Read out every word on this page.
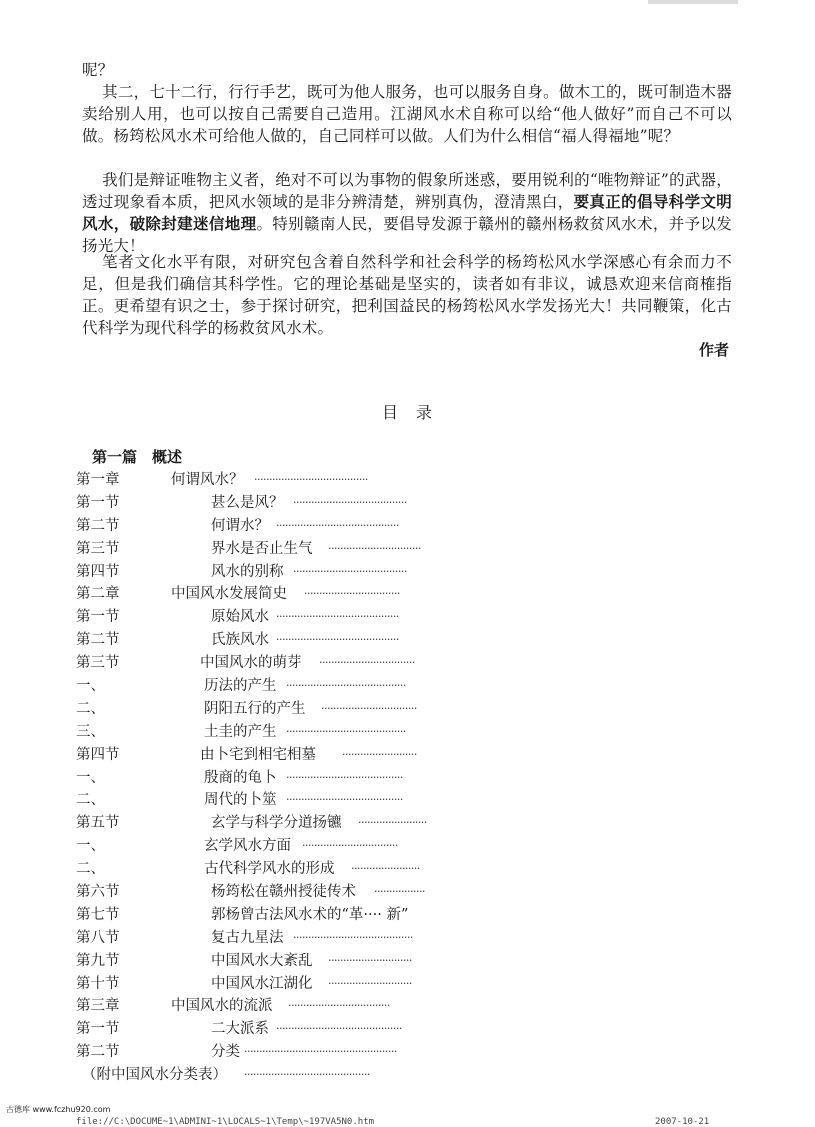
呢？

其二，七十二行，行行手艺，既可为他人服务，也可以服务自身。做木工的，既可制造木器卖给别人用，也可以按自己需要自己造用。江湖风水术自称可以给“他人做好”而自己不可以做。杨筠松风水术可给他人做的，自己同样可以做。人们为什么相信“福人得福地”呢？

我们是辩证唯物主义者，绝对不可以为事物的假象所迷惑，要用锐利的“唯物辩证”的武器，透过现象看本质，把风水领域的是非分辨清楚，辨别真伪，澄清黑白，要真正的倡导科学文明风水，破除封建迷信地理。特别赣南人民，要倡导发源于赣州的赣州杨救贫风水术，并予以发扬光大！

笔者文化水平有限，对研究包含着自然科学和社会科学的杨筠松风水学深感心有余而力不足，但是我们确信其科学性。它的理论基础是坚实的，读者如有非议，诚恳欢迎来信商榷指正。更希望有识之士，参于探讨研究，把利国益民的杨筠松风水学发扬光大！共同鞭策，化古代科学为现代科学的杨救贫风水术。

作者
目　录
第一篇　概述
第一章	何谓风水？ ······································
第一节	甚么是风？ ······································
第二节	何谓水？ ·········································
第三节	界水是否止生气 ·······························
第四节	风水的别称 ······································
第二章	中国风水发展简史 ································
第一节	原始风水 ·········································
第二节	氏族风水 ·········································
第三节	中国风水的萌芽 ································
一、	历法的产生 ········································
二、	阴阳五行的产生 ································
三、	土圭的产生 ········································
第四节	由卜宅到相宅相墓 ·························
一、	殷商的龟卜 ·······································
二、	周代的卜筮 ·······································
第五节	玄学与科学分道扬镳 ·······················
一、	玄学风水方面 ································
二、	古代科学风水的形成 ·······················
第六节	杨筠松在赣州授徒传术 ·················
第七节	郭杨曾古法风水术的“革···· 新”
第八节	复古九星法 ········································
第九节	中国风水大紊乱 ····························
第十节	中国风水江湖化 ····························
第三章	中国风水的流派 ··································
第一节	二大派系 ··········································
第二节	分类 ···················································
（附中国风水分类表） ··········································
古德库 www.fczhu920.com
file://C:\DOCUME~1\ADMINI~1\LOCALS~1\Temp\~197VA5N0.htm	2007-10-21
